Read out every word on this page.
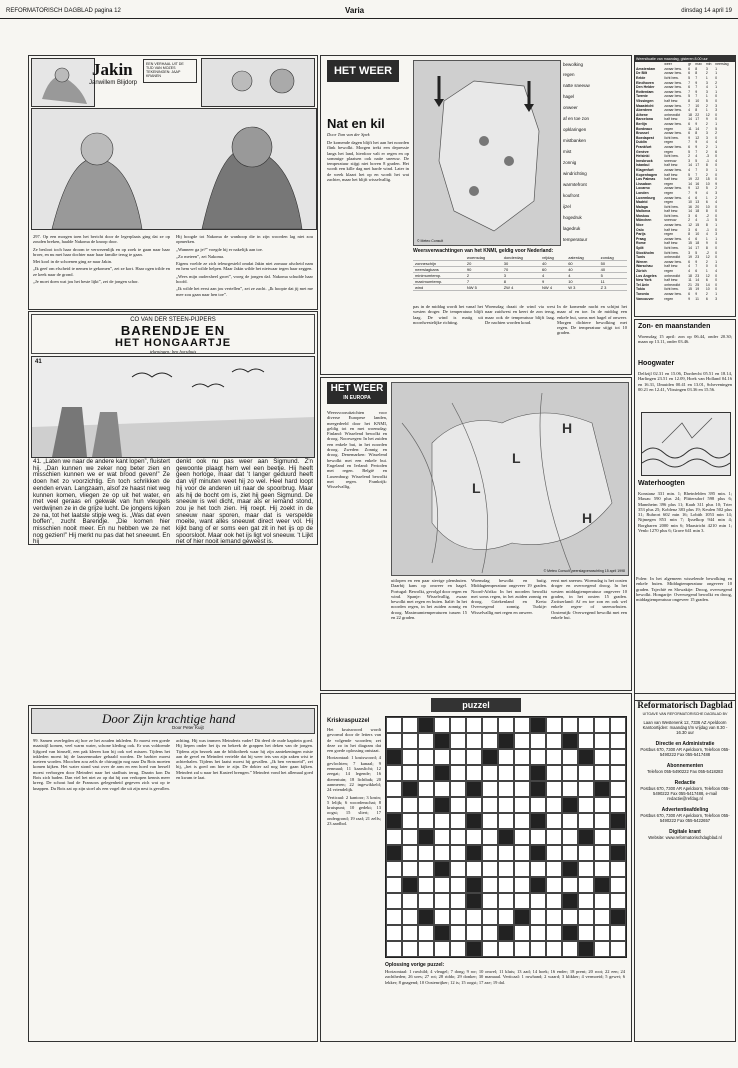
REFORMATORISCH DAGBLAD pagina 12	Varia	dinsdag 14 april 19
Jakin
Janwillem Blijdorp
EEN VERHAAL UIT DE
TIJD VAN MOZES
TEKENINGEN: JAAP KRANEN

297. Op een morgen toen het bericht door de legerplaats ging dat ze op zouden breken, haalde Nakoma de knoop door.

Ze besloot toch haar droom te verwezenlijk en op zoek te gaan naar haar broer, en nu met haar dochter naar haar familie terug te gaan.

Met kool in de schoenen ging ze naar Jakin.

„Ik geef om elscheid te nemen te gekomen”, zei ze kort. Haar ogen trilde en ze keek naar de grond.

„Je moet doen wat jou het beste lijkt”, zei de jongen schor.

Hij boogde tot Nakoma de wanhoop die in zijn woorden lag niet zou opmerken.

„Wanneer ga je?” voegde hij er nakelijk aan toe.

„Zo meteen”, zei Nakoma.

Eigens voelde ze zich teleurgesteld omdat Jakin niet zomaar afscheid nam en hem wel wilde helpen. Maar Jakin wilde het nietwaar tegen haar zeggen.

„Wees mijn oudersheel groet”, vroeg de jongen daf. Nakoma schudde haar hoofd.

„Ik wilde het eerst aan jou vertellen”, zei ze zacht. „Ik hoopte dat jij met me mee zou gaan naar hen toe”.

CO VAN DER STEEN-PIJPERS
BARENDJE EN
HET HONGAARTJE
tekeningen: ben horsthuis
41
41. „Laten we naar de andere kant lopen”, fluistert hij. „Dan kunnen we zeker nog beter zien en misschien kunnen we er wat brood geven!” Ze doen het zo voorzichtig. En toch schrikken de eenden ervan. Langzaam, alsof ze haast niet weg kunnen komen, vliegen ze op uit het water, en met veel geraas en gekwak van hun vleugels verdwijnen ze in de grijze lucht. De jongens kijken ze na, tot het laatste stipje weg is. „Was dat even boffen”, zucht Barendje. „Die komen hier misschien nooit meer. En nu hebben we ze net nog gezien!” Hij merkt nu pas dat het sneeuwt. En hij
denkt ook nu pas weer aan Sigmund. Z'n gewoonte plaagt hem wel een beetje. Hij heeft geen horloge, maar dat 't langer geduurd heeft dan vijf minuten weet hij zo wel. Heel hard loopt hij voor de anderen uit naar de spoorbrug. Maar als hij de bocht om is, ziet hij geen Sigmund. De sneeuw is wel dicht, maar als er iemand stond, zou je het toch zien. Hij roept. Hij zoekt in de sneeuw naar sporen, maar dat is verspelde moeite, want alles sneeuwt direct weer vol. Hij kijkt bang of er soms een gat zit in het ijs op de spoorsloot. Maar ook het ijs ligt vol sneeuw. 't Lijkt net of hier nooit iemand geweest is.
Door Zijn krachtige hand
Door Peter Kuijt
99. Samen overlegden zij hoe ze het zouden inkleden. Er moest een goede maatstijl komen, veel warm water, schone kleding ook. Er was voldoende lijfgoed van himself, een pak kleren kon hij ook wel missen. Tijdens het inkleden moest hij de laarzenmaker gehaald worden. De barbier moest meteen worden. Moochen zou zelfs de chirurgijn nog naar Du Bois moeten komen kijken. Het water stond vast over de arm en een hoed van herself moest verborgen door Meindert naar het stadhuis terug. Daarin kon Du Bois zich baden. Dan viel het niet zo op dat hij zon verkopen kennis meer kreeg. De schout had de Fransoos gelegenheid gegeven zich wat op te knappen. Du Bois zat op zijn stoel als een vogel die uit zijn nest is gevallen.
achting. Hij was immers Meinderts vader! Dit deed de oude kapitein goed. Hij liepen onder het ijs en bekeek de grappen het deken van de jongen. Tijdens zijn bezoek aan de bibliotheek waar hij zijn aantekeningen miste aan de gevel en Meindert vertelde dat hij weer iets van zijn zaken wist te achterhalen. Tijdens het laatst moest hij gevallen. „Ik ben vermoeid”, zei hij, „het is goed om hier te zijn. De dokter zal nog later gaan kijken. Meindert zal u naar het Kasteel brengen.” Meindert vond het allemaal goed en kwam te laat.
HET WEER
Nat en kil
Door Tom van der Spek
De komende dagen blijft het aan het noorden flink bewolkt. Morgen trekt een depressie langs het land, hierdoor valt er regen en op sommige plaatsen ook natte sneeuw. De temperatuur stijgt niet boven 8 graden. Het wordt een kille dag met harde wind. Later in de week klaart het op en wordt het wat zachter, maar het blijft wisselvallig.
© Meteo Consult
bewolking
regen
natte sneeuw
hagel
onweer
af en toe zon
opklaringen
mistbanken
mist
zonnig
windrichting
warmtefront
koufront
ijzel
hogedruk
lagedruk
temperatuur
Weersverwachtingen van het KNMI, geldig voor Nederland:
	woensdag	donderdag	vrijdag	zaterdag	zondag
zonneschijn	20	30	40	60	50
neerslagkans	90	70	60	40	40
minimumtemp.	2	3	4	4	5
maximumtemp.	7	8	9	10	11
wind	NW 5	ZW 4	NW 4	W 3	Z 3
pas in de middag wordt het vanaf het westen droger. De temperatuur blijft laag. De wind is matig uit noordwestelijke richting.
Woensdag draait de wind via west naar zuidwest en keert de zon terug, maar ook de temperatuur blijft laag. De nachten worden koud.
In de komende nacht en schijnt het maar af en toe. In de middag een enkele bui, soms met hagel of onweer. Morgen dichtere bewolking met regen. De temperatuur stijgt tot 10 graden.
HET WEER
IN EUROPA
Weersvooruitzichten voor diverse Europese landen, meegedeeld door het KNMI, geldig tot en met woensdag: Finland: Wisselend bewolkt en droog. Noorwegen: In het zuiden een enkele bui, in het noorden droog. Zweden: Zonnig en droog. Denemarken: Wisselend bewolkt met een enkele bui. Engeland en Ierland: Perioden met regen. België en Luxemburg: Wisselend bewolkt met regen. Frankrijk: Wisselvallig.
H
H
L
L
© Meteo Consult, neerslagverwachting 15 april 1998
uitlopen en een paar stevige plensbuien. Daarbij kans op onweer en hagel. Portugal: Bewolkt, gevolgd door regen en wind. Spanje: Wisselvallig, zwaar bewolkt met regen en buien. Italië: In het noorden regen, in het zuiden zonnig en droog. Maximumtemperaturen tussen 15 en 22 graden.
Woensdag bewolkt en buiig. Middagtemperatuur ongeveer 19 graden. Noord-Afrika: In het noorden bewolkt met soms regen, in het zuiden zonnig en droog. Griekenland en Kreta: Overwegend zonnig. Turkije: Wisselvallig met regen en onweer.
eerst met sneeuw. Woensdag is het oosten droger en overwegend droog. In het westen middagtemperatuur ongeveer 10 graden, in het oosten 15 graden. Zwitserland: Af en toe zon en ook wel enkele regen- of sneeuwbuien. Oostenrijk: Overwegend bewolkt met een enkele bui.
puzzel
Kriskraspuzzel

Het kruiswoord wordt gevormd door de letters van de volgende woorden; zet deze zo in het diagram dat een goede oplossing ontstaat.

Horizontaal: 1 kruiswoord; 4 gevlochten; 7 kanaal; 9 eenmaal; 11 kaarslicht; 12 zeegat; 14 legende; 16 dierentuin; 18 lichtbak; 20 aanmeren; 22 ingewikkeld; 24 vriendelijk.

Verticaal: 2 kantoor; 3 kruin; 5 lelijk; 6 woordenschat; 8 kruispunt; 10 gedekt; 13 oogst; 15 sliert; 17 ondergrond; 19 raaf; 21 zelfs; 23 aardbol.

Oplossing vorige puzzel:
Horizontaal: 1 ruwhild; 4 vleugel; 7 dong; 9 ror; 10 onwel; 11 kluis; 13 aad; 14 hoek; 16 ender; 18 prent; 20 rooi; 22 een; 24 zachtheden; 26 ures; 27 rot; 28 riddo; 29 donker; 30 manuaal. Verticaal: 1 ruwhand; 2 waard; 3 klikker; 4 vermoeid; 5 gewei; 6 lekker; 8 gnagend; 10 Oostenrijker; 12 is; 15 oogst; 17 aze; 19 dal.
Weersituatie van maandag, gisteren 8.00 uur
	weer	gr	max	min	neerslag
Amsterdam	zwaar bew.	6	8	3	1
De Bilt	zwaar bew.	6	8	2	1
Eelde	licht bew.	5	7	1	0
Eindhoven	zwaar bew.	7	9	3	2
Den Helder	zwaar bew.	6	7	4	1
Rotterdam	zwaar bew.	7	9	3	1
Twente	zwaar bew.	5	7	1	0
Vlissingen	half bew.	8	10	5	0
Maastricht	zwaar bew.	7	10	2	3
Aberdeen	zwaar bew.	4	8	1	3
Athene	onbewolkt	18	22	12	0
Barcelona	half bew.	14	17	9	0
Berlijn	zwaar bew.	6	9	2	1
Bordeaux	regen	11	14	7	5
Brussel	zwaar bew.	6	8	3	2
Boedapest	licht bew.	9	12	3	0
Dublin	regen	7	9	4	4
Frankfurt	zwaar bew.	6	9	2	1
Genève	regen	5	7	2	6
Helsinki	licht bew.	2	4	-3	0
Innsbruck	sneeuw	3	5	-1	4
Istanbul	half bew.	14	17	8	0
Klagenfurt	zwaar bew.	4	7	0	1
Kopenhagen	half bew.	5	7	2	0
Las Palmas	half bew.	19	22	15	0
Lissabon	regen	14	16	10	9
Locarno	zwaar bew.	9	12	5	2
Londen	regen	7	9	4	3
Luxemburg	zwaar bew.	4	6	1	2
Madrid	regen	10	13	6	4
Malaga	licht bew.	16	20	10	0
Mallorca	half bew.	14	18	8	0
Moskou	licht bew.	3	6	-2	0
München	sneeuw	2	4	-1	5
Nice	zwaar bew.	12	15	8	1
Oslo	half bew.	3	6	-1	0
Parijs	regen	8	10	4	3
Praag	zwaar bew.	4	6	1	1
Rome	half bew.	15	18	9	0
Split	licht bew.	14	17	8	0
Stockholm	licht bew.	3	5	-2	0
Tunis	onbewolkt	19	23	12	0
Wenen	zwaar bew.	6	9	2	1
Warschau	half bew.	4	7	0	0
Zürich	regen	4	6	1	4
Los Angeles	onbewolkt	18	23	12	0
New York	half bew.	11	14	6	0
Tel Aviv	onbewolkt	21	25	14	0
Tokio	licht bew.	15	19	10	0
Toronto	zwaar bew.	6	9	2	1
Vancouver	regen	9	11	6	3
Zon- en maanstanden
Woensdag 15 april: zon op 06.44, onder 20.30; maan op 13.11, onder 03.46.
Hoogwater
Delfzijl 02.31 en 15.06, Dordrecht 05.51 en 18.14, Harlingen 23.51 en 12.09, Hoek van Holland 04.16 en 16.31, IJmuiden 00.41 en 13.01, Scheveningen 00.21 en 12.41, Vlissingen 03.36 en 15.56.
Waterhoogten
Konstanz 331 min. 1; Rheinfelden 395 min. 1; Maxau 590 plus 24; Plittersdorf 598 plus 6; Mannheim 396 plus 11; Kaub 311 plus 10; Trier 353 plus 25; Koblenz 383 plus 19; Keulen 502 plus 31; Ruhrort 602 min 16; Lobith 1053 min 14; Nijmegen 853 min 7; Ijsselkop 944 min 4; Borgharen 2000 min 6; Maastricht 4210 min 1; Venlo 1270 plus 6; Grave 641 min 3.
Polen: In het algemeen wisselende bewolking en enkele buien. Middagtemperatuur ongeveer 10 graden. Tsjechië en Slowakije: Droog, overwegend bewolkt. Hongarije: Overwegend bewolkt en droog, middagtemperatuur ongeveer 15 graden.
Reformatorisch Dagblad
UITGAVE VAN REFORMATORISCHE DAGBLAD BV
Laan van Westenenk 12, 7336 AZ Apeldoorn
Kantoortijden: maandag t/m vrijdag van 8.30 - 16.30 uur
Directie en Administratie
Postbus 670, 7300 AR Apeldoorn, Telefoon 055-5490222 Fax 055-5417488
Abonnementen
Telefoon 055-5490222 Fax 055-5418283
Redactie
Postbus 670, 7300 AR Apeldoorn, Telefoon 055-5490222 Fax 055-5417488, e-mail redactie@refdag.nl
Advertentieafdeling
Postbus 670, 7300 AR Apeldoorn, Telefoon 055-5490222 Fax 055-5422657
Digitale krant
Website: www.reformatorischdagblad.nl
